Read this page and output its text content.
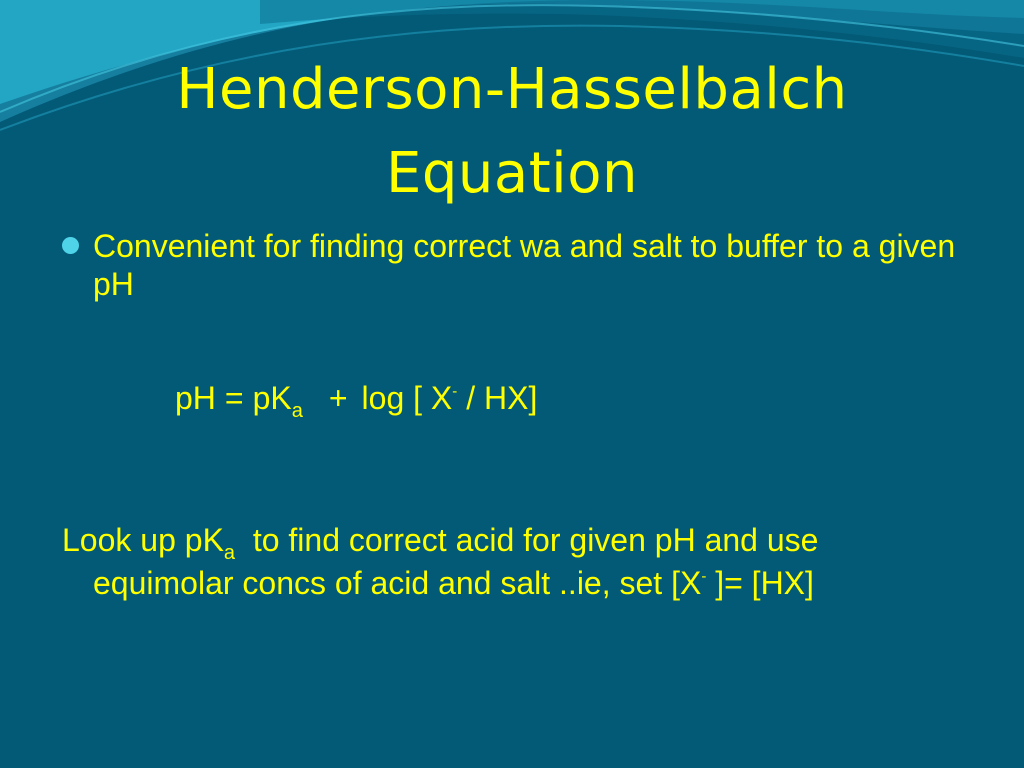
Henderson-Hasselbalch
Equation
Convenient for finding correct wa and salt to buffer to a given pH
pH = pKa + log [ X- / HX]
Look up $pK_a$ to find correct acid for given pH and use
equimolar concs of acid and salt ..ie, set [X- ]= [HX]
